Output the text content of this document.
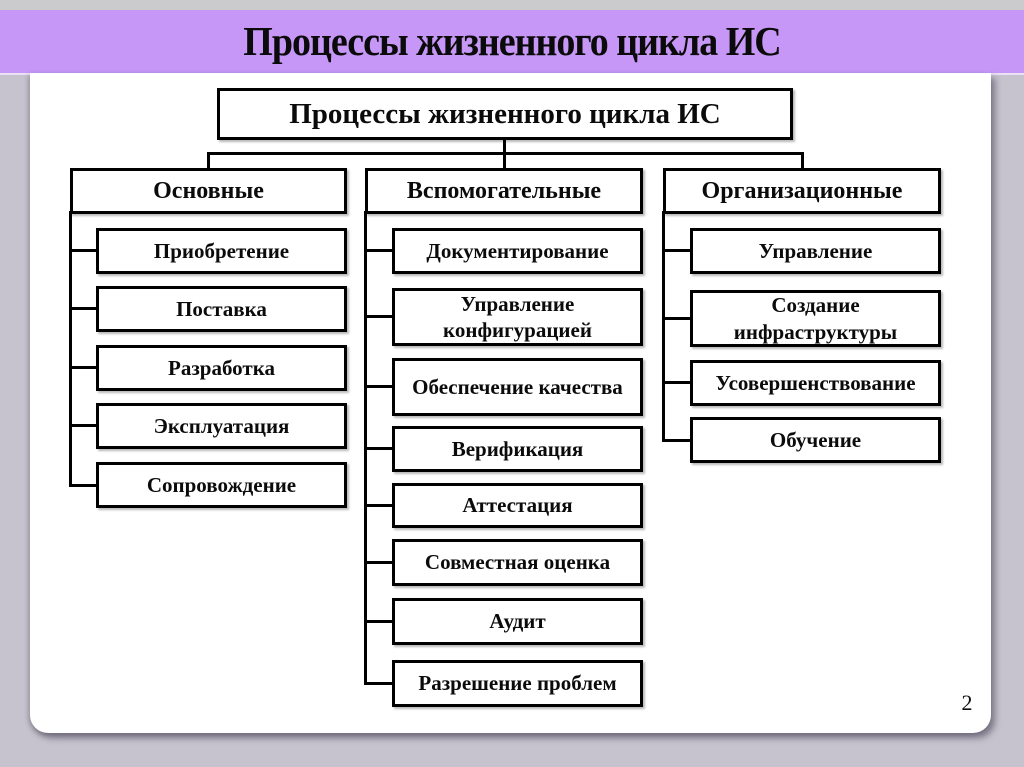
Процессы жизненного цикла ИС
Процессы жизненного цикла ИС
Основные	Вспомогательные	Организационные
Приобретение
Поставка
Разработка
Эксплуатация
Сопровождение
Документирование
Управление конфигурацией
Обеспечение качества
Верификация
Аттестация
Совместная оценка
Аудит
Разрешение проблем
Управление
Создание инфраструктуры
Усовершенствование
Обучение
2
